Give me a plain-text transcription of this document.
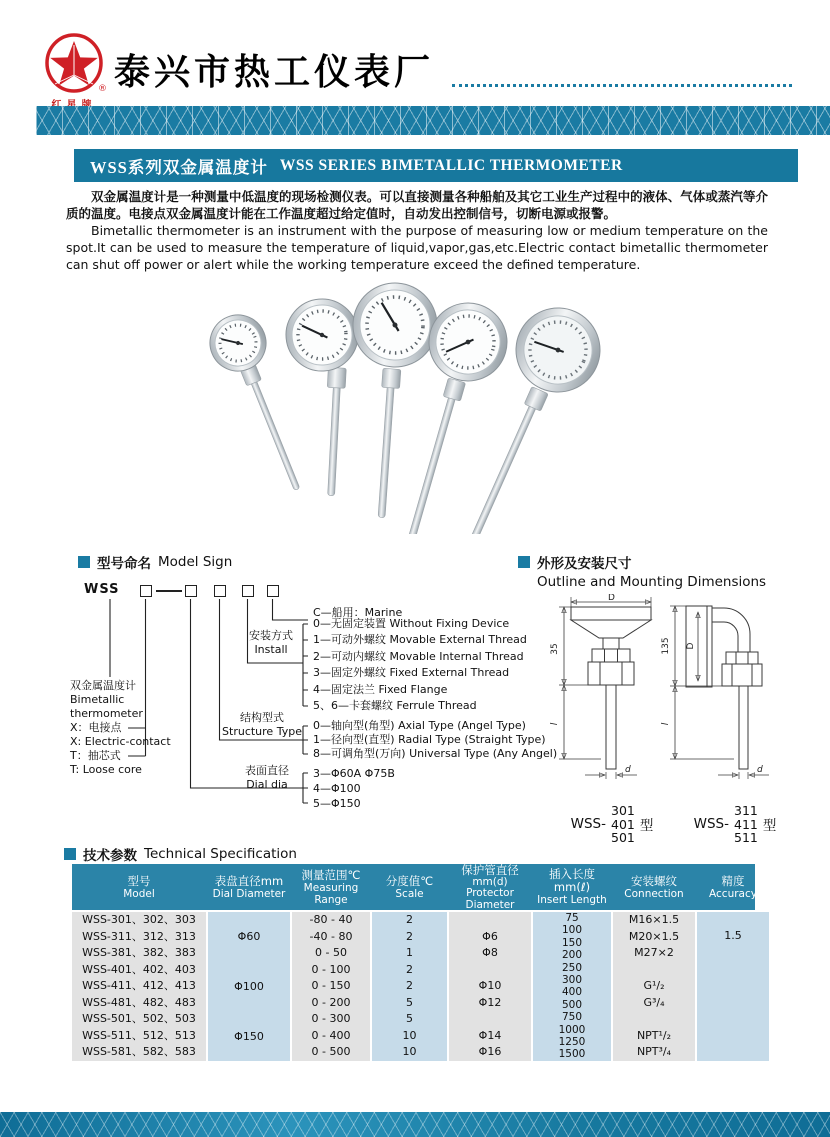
® 泰兴市热工仪表厂
WSS系列双金属温度计 WSS SERIES BIMETALLIC THERMOMETER

双金属温度计是一种测量中低温度的现场检测仪表。可以直接测量各种船舶及其它工业生产过程中的液体、气体或蒸汽等介质的温度。电接点双金属温度计能在工作温度超过给定值时，自动发出控制信号，切断电源或报警。

Bimetallic thermometer is an instrument with the purpose of measuring low or medium temperature on the spot.It can be used to measure the temperature of liquid,vapor,gas,etc.Electric contact bimetallic thermometer can shut off power or alert while the working temperature exceed the defined temperature.

型号命名 Model Sign
WSS
C—船用：Marine
安装方式
Install
0—无固定装置 Without Fixing Device
1—可动外螺纹 Movable External Thread
2—可动内螺纹 Movable Internal Thread
3—固定外螺纹 Fixed External Thread
4—固定法兰 Fixed Flange
5、6—卡套螺纹 Ferrule Thread
结构型式
Structure Type 0—轴向型(角型) Axial Type (Angel Type)
1—径向型(直型) Radial Type (Straight Type)
8—可调角型(万向) Universal Type (Any Angel)
表面直径
Dial dia
3—Φ60A Φ75B
4—Φ100
5—Φ150
双金属温度计
Bimetallic
thermometer
X：电接点
X: Electric-contact
T：抽芯式
T: Loose core
外形及安装尺寸
Outline and Mounting Dimensions
D
35
l
d
D
135
l
d
WSS-
301
401
501
型	WSS-
311
411
511
型
技术参数 Technical Specification
型号
Model
表盘直径mm
Dial Diameter
测量范围℃
Measuring Range
分度值℃
Scale
保护管直径
mm(d)
Protector Diameter
插入长度mm(ℓ)
Insert Length
安装螺纹
Connection
精度
Accuracy
WSS-301、302、303
WSS-311、312、313
WSS-381、382、383
WSS-401、402、403
WSS-411、412、413
WSS-481、482、483
WSS-501、502、503
WSS-511、512、513
WSS-581、582、583
Φ60
Φ100
Φ150
-80 - 40
-40 - 80
0 - 50
0 - 100
0 - 150
0 - 200
0 - 300
0 - 400
0 - 500
2
2
1
2
2
5
5
10
10
Φ6
Φ8
Φ10
Φ12
Φ14
Φ16
75
100
150
200
250
300
400
500
750
1000
1250
1500
M16×1.5
M20×1.5
M27×2
G¹/₂
G³/₄
NPT¹/₂
NPT³/₄
1.5
